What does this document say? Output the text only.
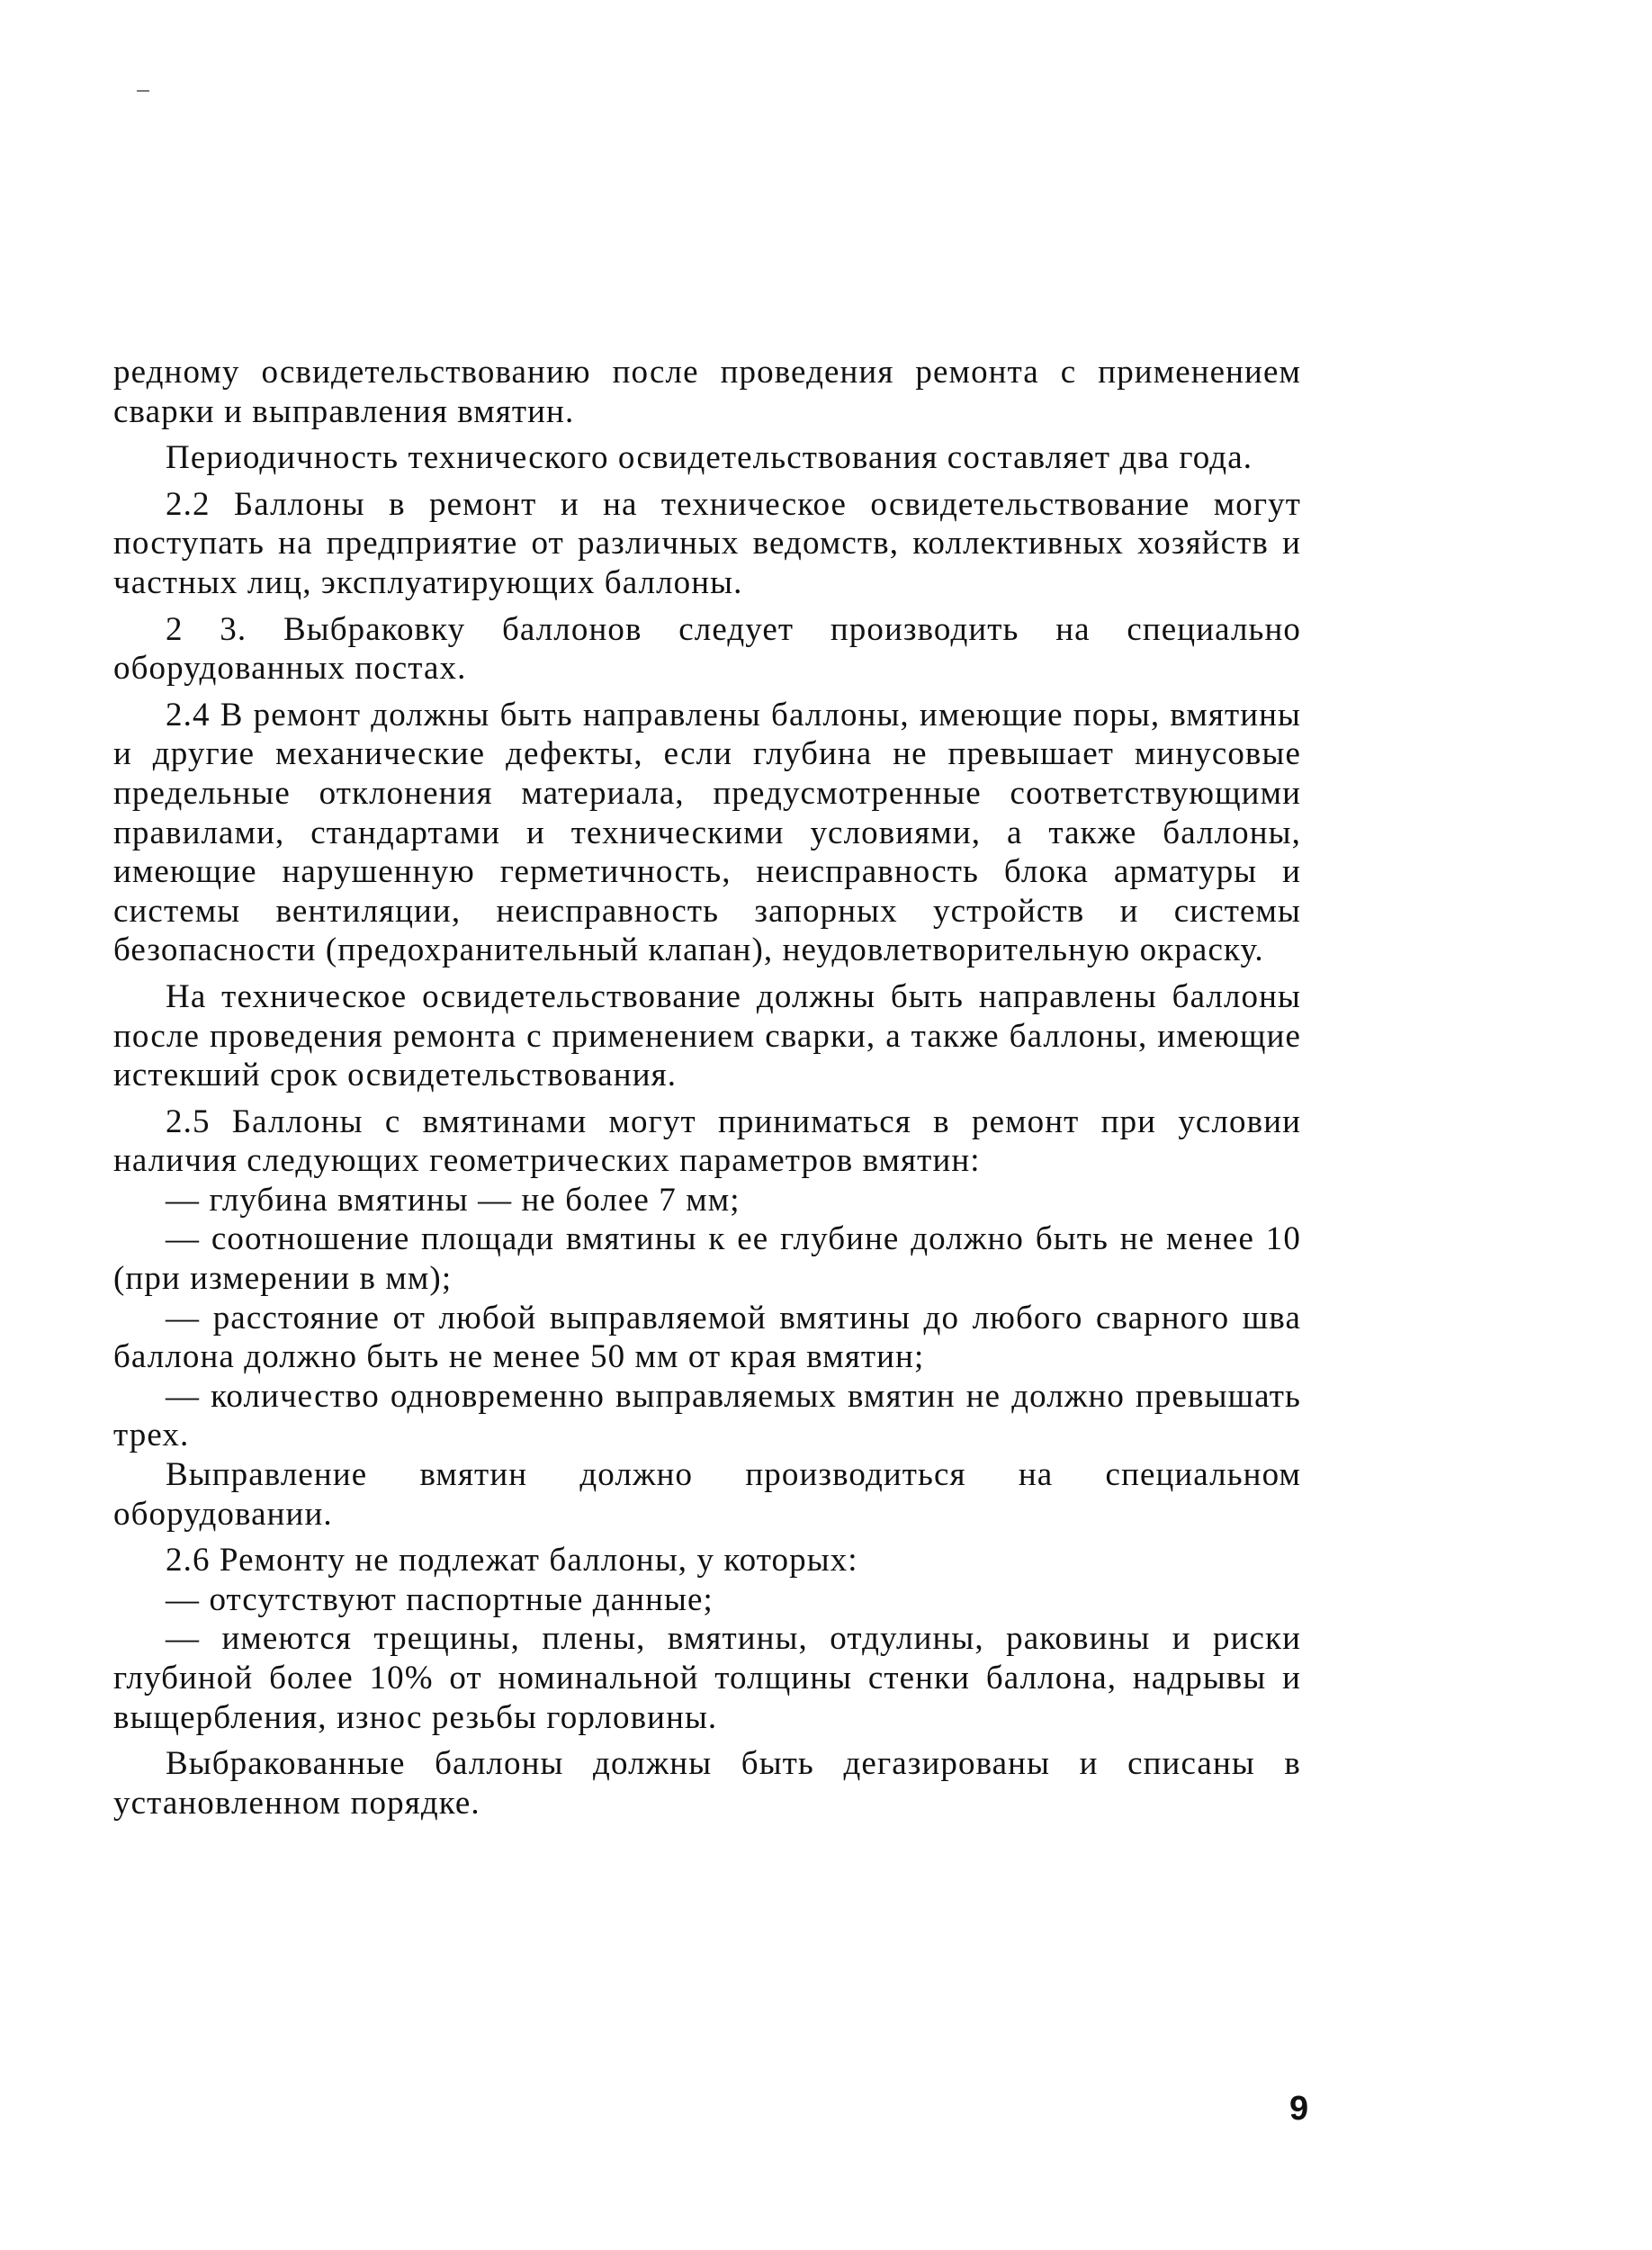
редному освидетельствованию после проведения ремонта с применением сварки и выправления вмятин.

Периодичность технического освидетельствования составляет два года.

2.2 Баллоны в ремонт и на техническое освидетельствование могут поступать на предприятие от различных ведомств, коллективных хозяйств и частных лиц, эксплуатирующих баллоны.

2 3. Выбраковку баллонов следует производить на специально оборудованных постах.

2.4 В ремонт должны быть направлены баллоны, имеющие поры, вмятины и другие механические дефекты, если глубина не превышает минусовые предельные отклонения материала, предусмотренные соответствующими правилами, стандартами и техническими условиями, а также баллоны, имеющие нарушенную герметичность, неисправность блока арматуры и системы вентиляции, неисправность запорных устройств и системы безопасности (предохранительный клапан), неудовлетворительную окраску.

На техническое освидетельствование должны быть направлены баллоны после проведения ремонта с применением сварки, а также баллоны, имеющие истекший срок освидетельствования.

2.5 Баллоны с вмятинами могут приниматься в ремонт при условии наличия следующих геометрических параметров вмятин:

— глубина вмятины — не более 7 мм;

— соотношение площади вмятины к ее глубине должно быть не менее 10 (при измерении в мм);

— расстояние от любой выправляемой вмятины до любого сварного шва баллона должно быть не менее 50 мм от края вмятин;

— количество одновременно выправляемых вмятин не должно превышать трех.

Выправление вмятин должно производиться на специальном оборудовании.

2.6 Ремонту не подлежат баллоны, у которых:

— отсутствуют паспортные данные;

— имеются трещины, плены, вмятины, отдулины, раковины и риски глубиной более 10% от номинальной толщины стенки баллона, надрывы и выщербления, износ резьбы горловины.

Выбракованные баллоны должны быть дегазированы и списаны в установленном порядке.

9
